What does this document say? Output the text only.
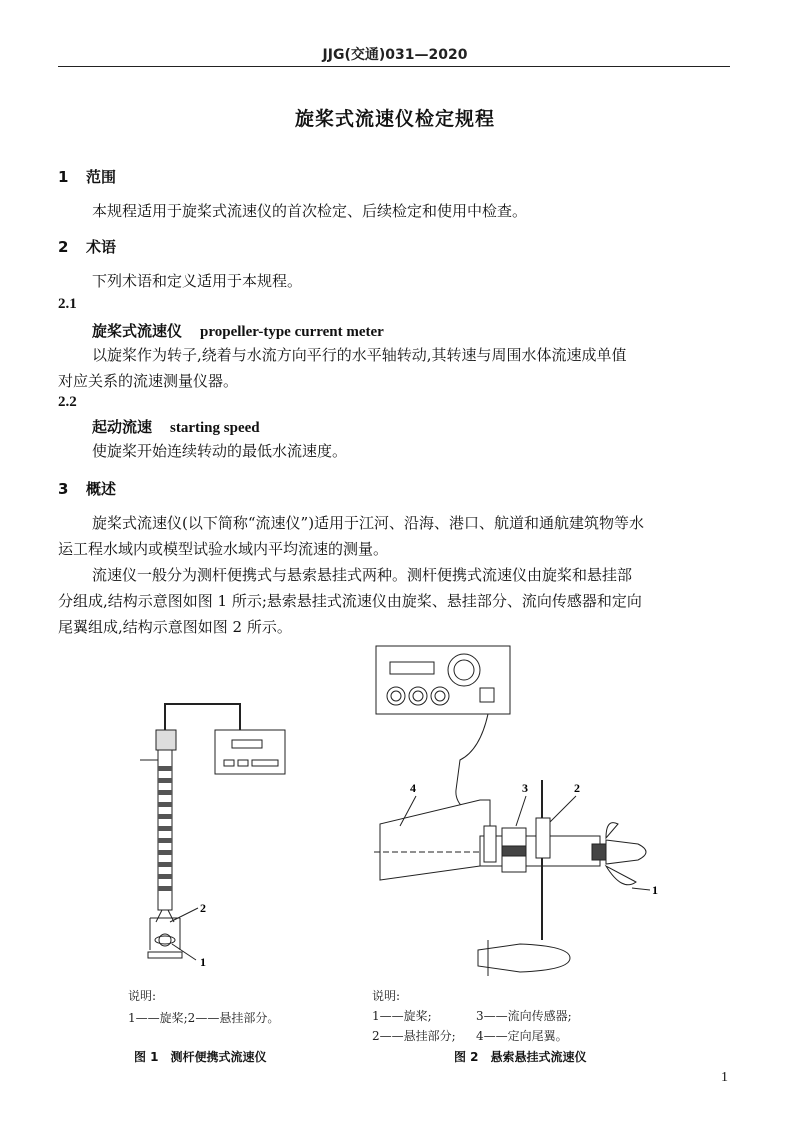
JJG(交通)031—2020
旋桨式流速仪检定规程
1 范围
本规程适用于旋桨式流速仪的首次检定、后续检定和使用中检查。
2 术语
下列术语和定义适用于本规程。
2.1
旋桨式流速仪 propeller-type current meter
以旋桨作为转子,绕着与水流方向平行的水平轴转动,其转速与周围水体流速成单值
对应关系的流速测量仪器。
2.2
起动流速 starting speed
使旋桨开始连续转动的最低水流速度。
3 概述
旋桨式流速仪(以下简称“流速仪”)适用于江河、沿海、港口、航道和通航建筑物等水
运工程水域内或模型试验水域内平均流速的测量。
流速仪一般分为测杆便携式与悬索悬挂式两种。测杆便携式流速仪由旋桨和悬挂部
分组成,结构示意图如图 1 所示;悬索悬挂式流速仪由旋桨、悬挂部分、流向传感器和定向
尾翼组成,结构示意图如图 2 所示。
2
1
说明:
1——旋桨;2——悬挂部分。
图 1　测杆便携式流速仪
4	3	2
1
说明:
1——旋桨;	3——流向传感器;
2——悬挂部分; 4——定向尾翼。
图 2　悬索悬挂式流速仪
1
